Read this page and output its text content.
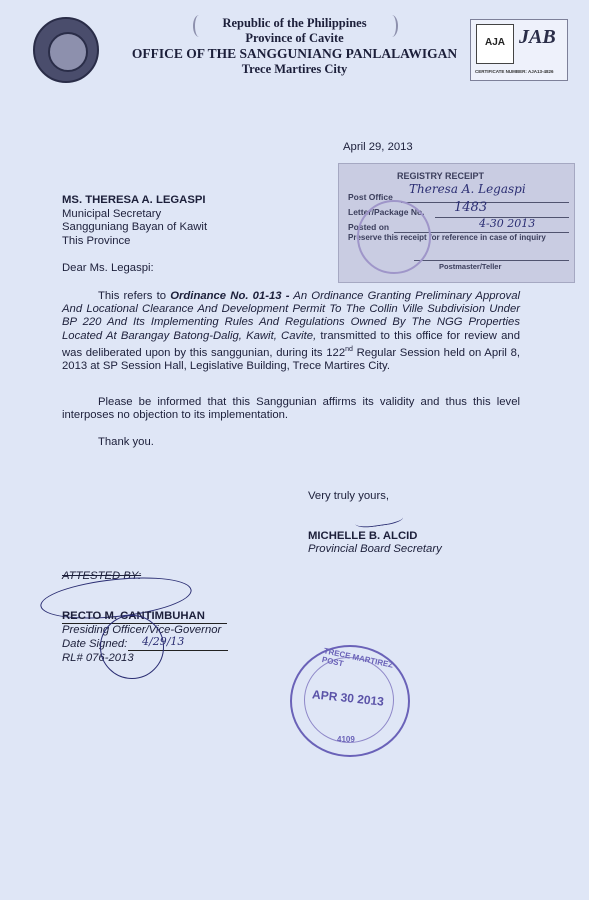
Republic of the Philippines
Province of Cavite
OFFICE OF THE SANGGUNIANG PANLALAWIGAN
Trece Martires City
AJA JAB
CERTIFICATE NUMBER: AJA13-4826
April 29, 2013
REGISTRY RECEIPT
Post Office
Theresa A. Legaspi
Letter/Package No. 1483
Posted on	4-30 2013
Preserve this receipt for reference in case of inquiry
Postmaster/Teller
MS. THERESA A. LEGASPI
Municipal Secretary
Sangguniang Bayan of Kawit
This Province
Dear Ms. Legaspi:
This refers to Ordinance No. 01-13 - An Ordinance Granting Preliminary Approval And Locational Clearance And Development Permit To The Collin Ville Subdivision Under BP 220 And Its Implementing Rules And Regulations Owned By The NGG Properties Located At Barangay Batong-Dalig, Kawit, Cavite, transmitted to this office for review and was deliberated upon by this sanggunian, during its 122nd Regular Session held on April 8, 2013 at SP Session Hall, Legislative Building, Trece Martires City.
Please be informed that this Sanggunian affirms its validity and thus this level interposes no objection to its implementation.
Thank you.
Very truly yours,
MICHELLE B. ALCID
Provincial Board Secretary
ATTESTED BY:
RECTO M. CANTIMBUHAN
Presiding Officer/Vice-Governor
Date Signed: 4/29/13
RL# 076-2013	TRECE MARTIREZ POST
APR 30 2013
4109
